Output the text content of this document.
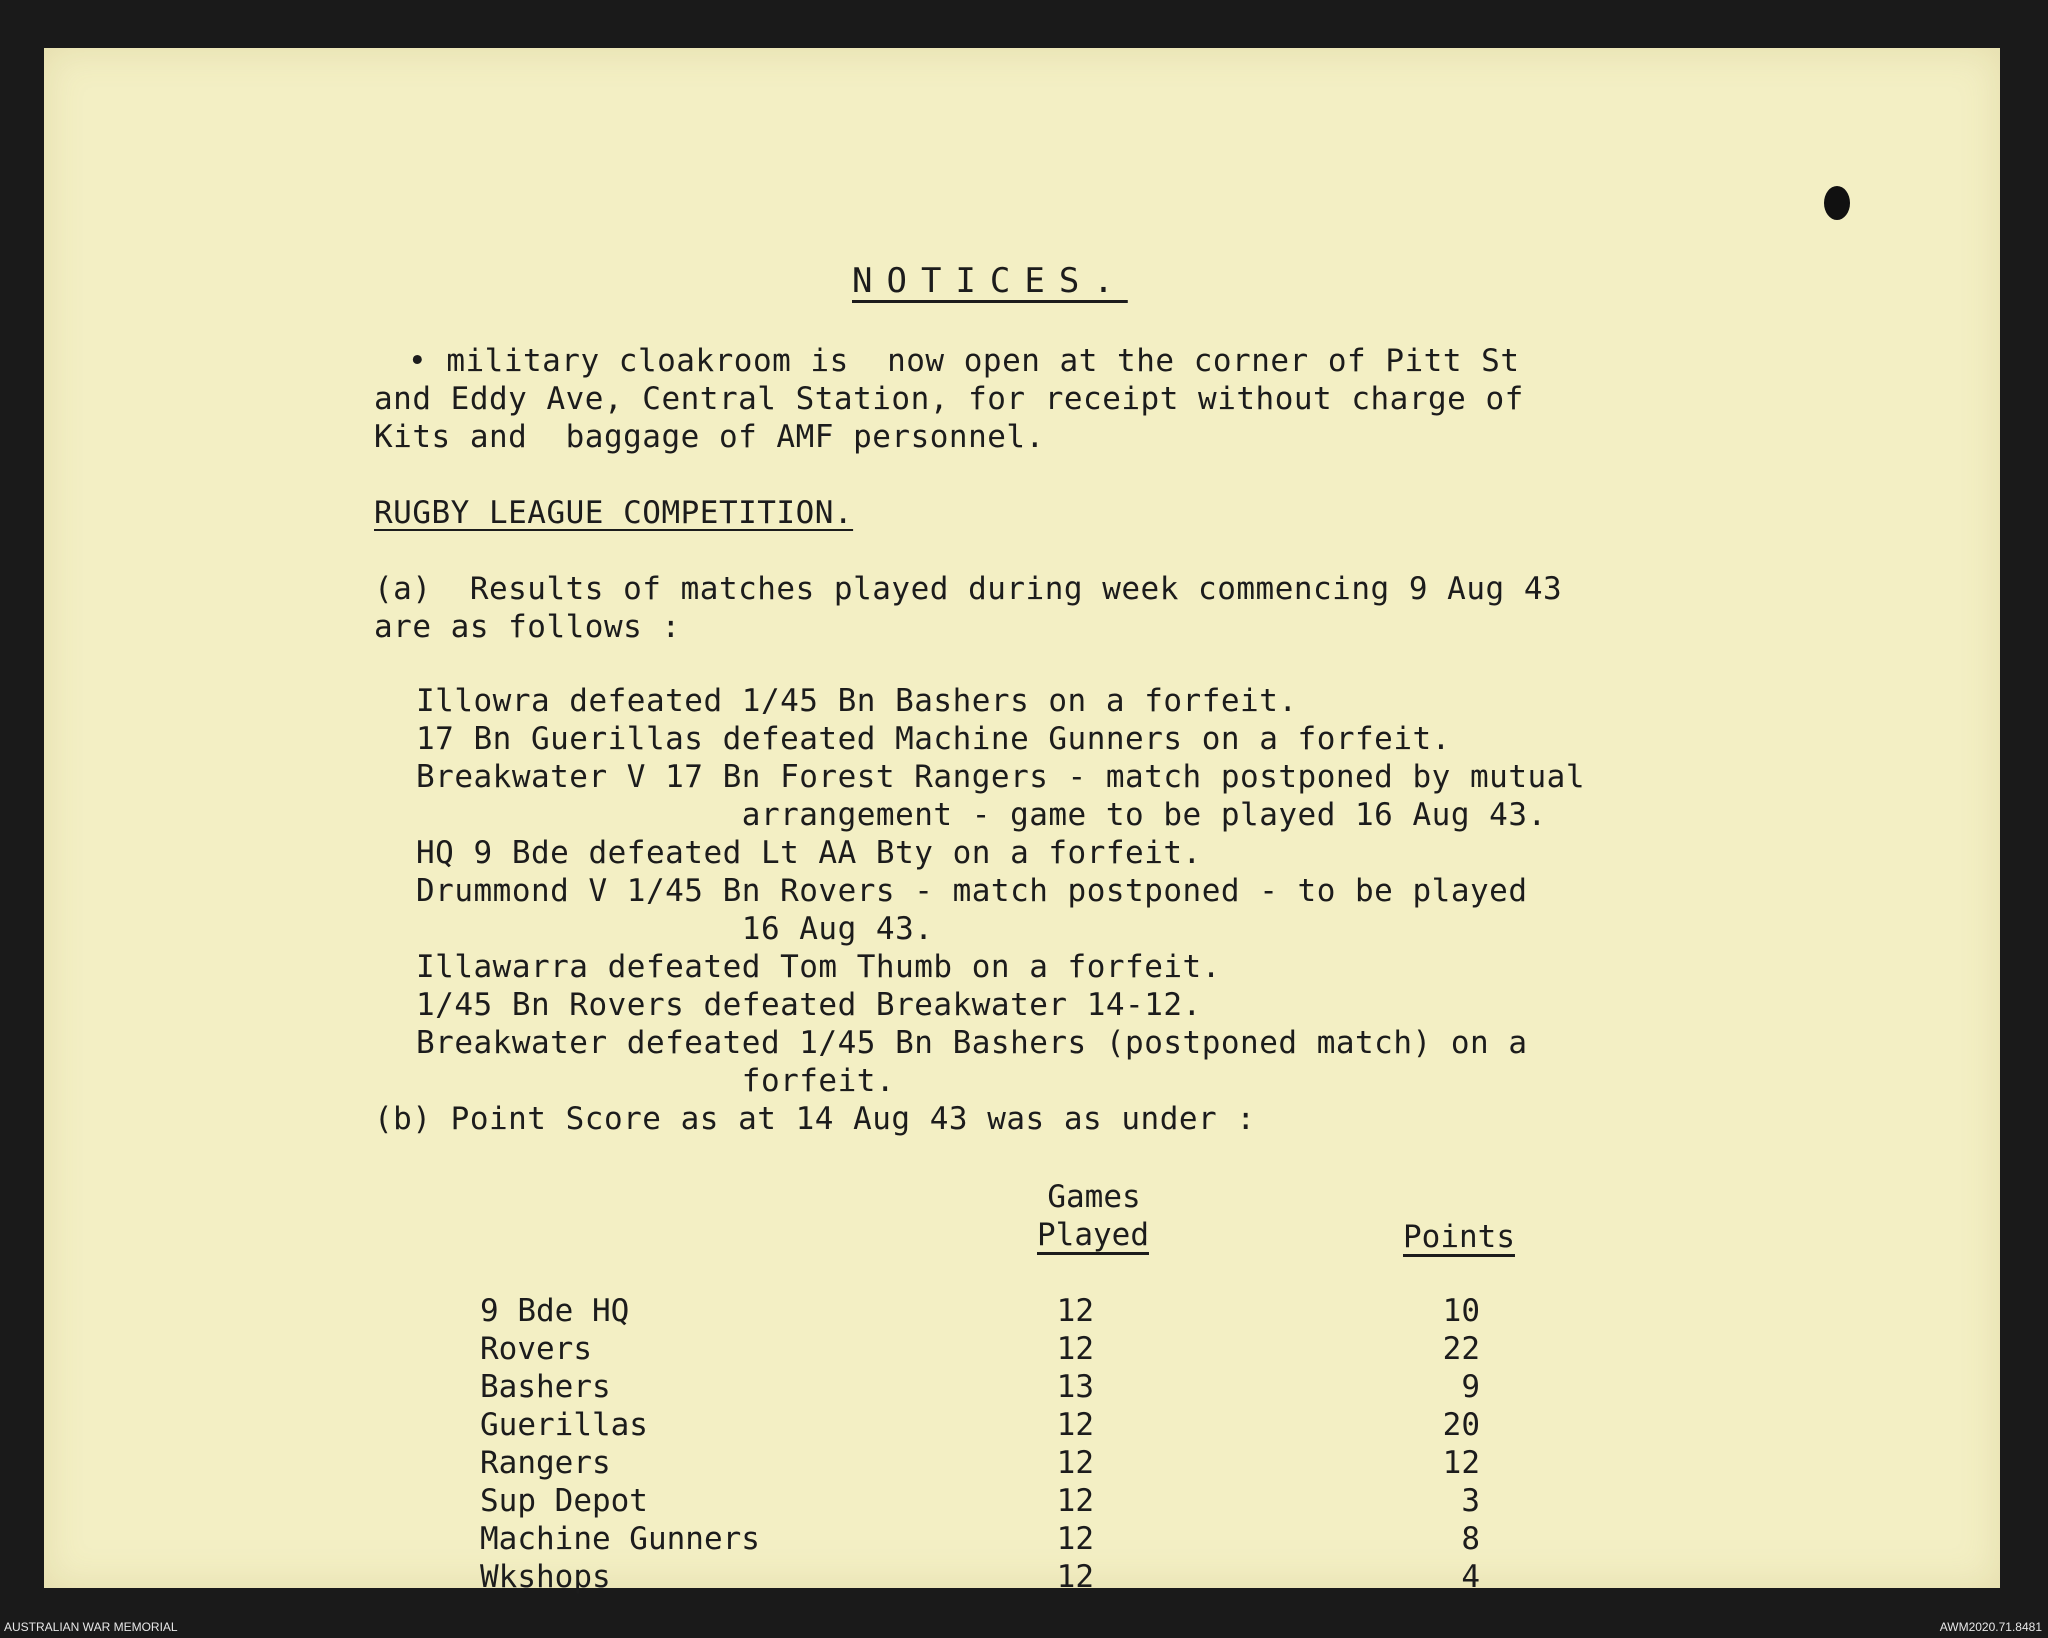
NOTICES.
• military cloakroom is  now open at the corner of Pitt St
and Eddy Ave, Central Station, for receipt without charge of
Kits and  baggage of AMF personnel.
RUGBY LEAGUE COMPETITION.
(a)  Results of matches played during week commencing 9 Aug 43
are as follows :
Illowra defeated 1/45 Bn Bashers on a forfeit.
17 Bn Guerillas defeated Machine Gunners on a forfeit.
Breakwater V 17 Bn Forest Rangers - match postponed by mutual
arrangement - game to be played 16 Aug 43.
HQ 9 Bde defeated Lt AA Bty on a forfeit.
Drummond V 1/45 Bn Rovers - match postponed - to be played
16 Aug 43.
Illawarra defeated Tom Thumb on a forfeit.
1/45 Bn Rovers defeated Breakwater 14-12.
Breakwater defeated 1/45 Bn Bashers (postponed match) on a
forfeit.
(b) Point Score as at 14 Aug 43 was as under :
Games
Played	Points
9 Bde HQ	12	10
Rovers	12	22
Bashers	13	9
Guerillas	12	20
Rangers	12	12
Sup Depot	12	3
Machine Gunners	12	8
Wkshops	12	4
AUSTRALIAN WAR MEMORIAL	AWM2020.71.8481
